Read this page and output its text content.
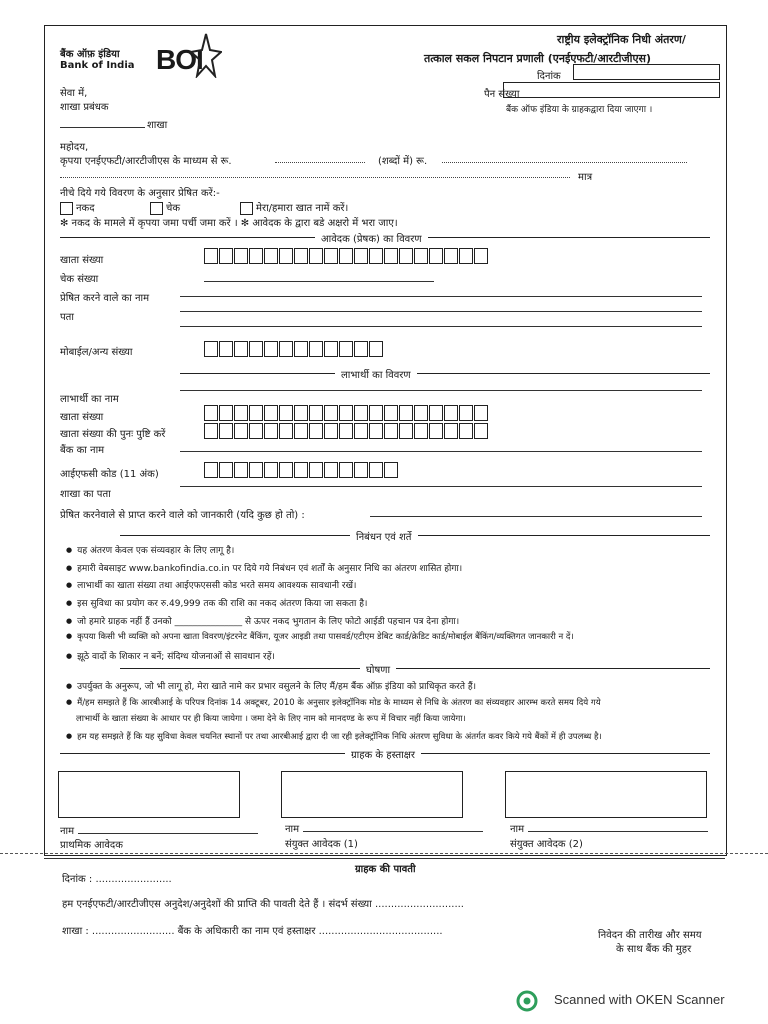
बैंक ऑफ़ इंडिया
Bank of India BOI
राष्ट्रीय इलेक्ट्रॉनिक निधी अंतरण/
तत्काल सकल निपटान प्रणाली (एनईएफटी/आरटीजीएस)
दिनांक
पैन संख्या
बैंक ऑफ इंडिया के ग्राहकद्वारा दिया जाएगा ।
सेवा में,
शाखा प्रबंधक
शाखा
महोदय,
कृपया एनईएफटी/आरटीजीएस के माध्यम से रू.	(शब्दों में) रू.
मात्र
नीचे दिये गये विवरण के अनुसार प्रेषित करें:-
नकद	चेक	मेरा/हमारा खात नामें करें।
✻ नकद के मामले में कृपया जमा पर्ची जमा करें । ✻ आवेदक के द्वारा बडे अक्षरो में भरा जाए।
आवेदक (प्रेषक) का विवरण
खाता संख्या
चेक संख्या
प्रेषित करने वाले का नाम
पता
मोबाईल/अन्य संख्या
लाभार्थी का विवरण
लाभार्थी का नाम
खाता संख्या
खाता संख्या की पुनः पुष्टि करें
बैंक का नाम
आईएफसी कोड (11 अंक)
शाखा का पता
प्रेषित करनेवाले से प्राप्त करने वाले को जानकारी (यदि कुछ हो तो) :
निबंधन एवं शर्ते
● यह अंतरण केवल एक संव्यवहार के लिए लागू है।
● हमारी वेबसाइट www.bankofindia.co.in पर दिये गये निबंधन एवं शर्तों के अनुसार निधि का अंतरण शासित होगा।
● लाभार्थी का खाता संख्या तथा आईएफएससी कोड भरते समय आवश्यक सावधानी रखें।
● इस सुविधा का प्रयोग कर रु.49,999 तक की राशि का नकद अंतरण किया जा सकता है।
● जो हमारे ग्राहक नहीं हैं उनको _______________ से ऊपर नकद भुगतान के लिए फोटो आईडी पहचान पत्र देना होगा।
● कृपया किसी भी व्यक्ति को अपना खाता विवरण/इंटरनेट बैंकिंग, यूजर आइडी तथा पासवर्ड/एटीएम डेबिट कार्ड/क्रेडिट कार्ड/मोबाईल बैंकिंग/व्यक्तिगत जानकारी न दें।
● झूठे वादों के शिकार न बनें; संदिग्ध योजनाओं से सावधान रहें।
घोषणा
● उपर्युक्त के अनुरूप, जो भी लागू हो, मेरा खाते नामे कर प्रभार वसुलने के लिए मैं/हम बैंक ऑफ़ इंडिया को प्राधिकृत करते हैं।
● मैं/हम समझते हैं कि आरबीआई के परिपत्र दिनांक 14 अक्टूबर, 2010 के अनुसार इलेक्ट्रॉनिक मोड के माध्यम से निधि के अंतरण का संव्यवहार आरम्भ करते समय दिये गये
लाभार्थी के खाता संख्या के आधार पर ही किया जायेगा । जमा देने के लिए नाम को मानदण्ड के रूप में विचार नहीं किया जायेगा।
● हम यह समझते हैं कि यह सुविधा केवल चयनित स्थानों पर तथा आरबीआई द्वारा दी जा रही इलेक्ट्रॉनिक निधि अंतरण सुविधा के अंतर्गत कवर किये गये बैंकों में ही उपलब्ध है।
ग्राहक के हस्ताक्षर
नाम
प्राथमिक आवेदक
नाम
संयुक्त आवेदक (1)
नाम
संयुक्त आवेदक (2)
ग्राहक की पावती
दिनांक : ........................
हम एनईएफटी/आरटीजीएस अनुदेश/अनुदेशों की प्राप्ति की पावती देते हैं । संदर्भ संख्या ............................
शाखा : .......................... बैंक के अधिकारी का नाम एवं हस्ताक्षर .......................................	निवेदन की तारीख और समय
के साथ बैंक की मुहर
Scanned with OKEN Scanner
